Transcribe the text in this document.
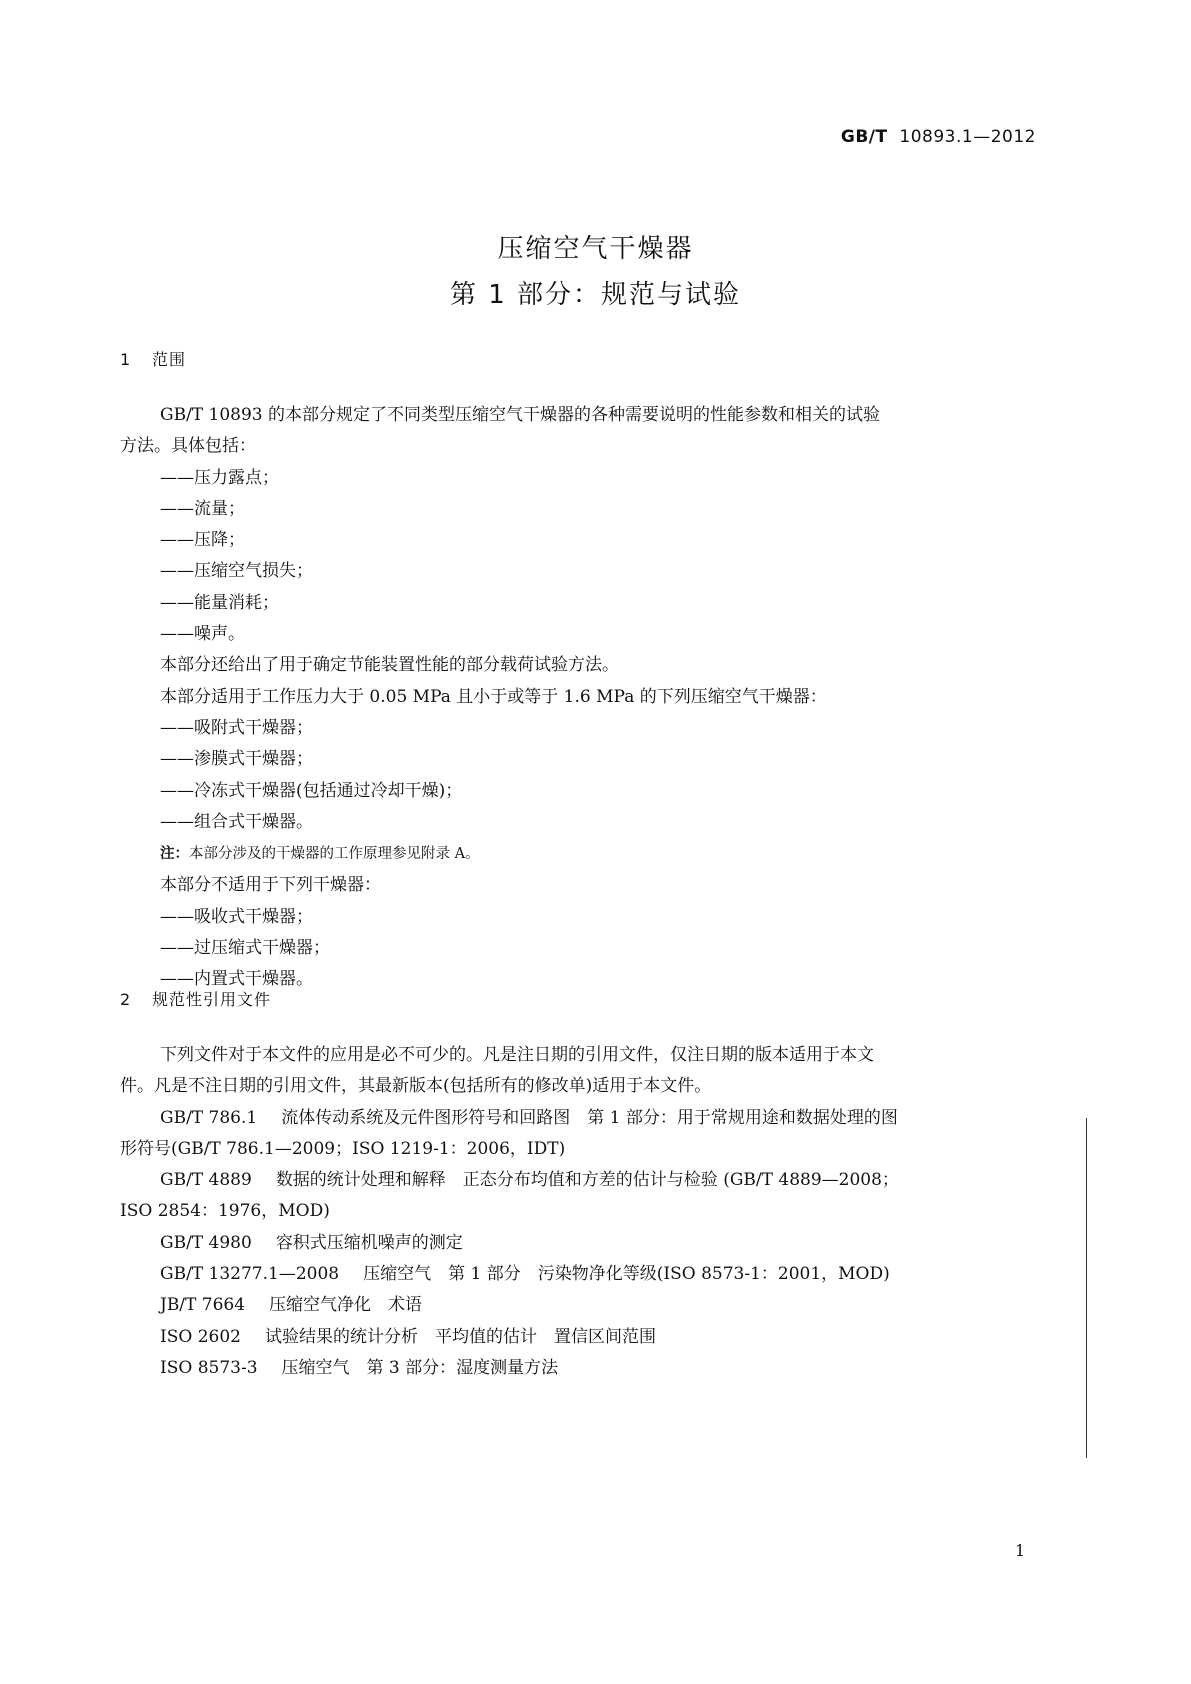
GB/T 10893.1—2012
压缩空气干燥器
第 1 部分：规范与试验
1 范围

GB/T 10893 的本部分规定了不同类型压缩空气干燥器的各种需要说明的性能参数和相关的试验

方法。具体包括：

——压力露点；

——流量；

——压降；

——压缩空气损失；

——能量消耗；

——噪声。

本部分还给出了用于确定节能装置性能的部分载荷试验方法。

本部分适用于工作压力大于 0.05 MPa 且小于或等于 1.6 MPa 的下列压缩空气干燥器：

——吸附式干燥器；

——渗膜式干燥器；

——冷冻式干燥器(包括通过冷却干燥)；

——组合式干燥器。

注：本部分涉及的干燥器的工作原理参见附录 A。

本部分不适用于下列干燥器：

——吸收式干燥器；

——过压缩式干燥器；

——内置式干燥器。

2 规范性引用文件

下列文件对于本文件的应用是必不可少的。凡是注日期的引用文件，仅注日期的版本适用于本文

件。凡是不注日期的引用文件，其最新版本(包括所有的修改单)适用于本文件。

GB/T 786.1 流体传动系统及元件图形符号和回路图　第 1 部分：用于常规用途和数据处理的图

形符号(GB/T 786.1—2009；ISO 1219-1：2006，IDT)

GB/T 4889 数据的统计处理和解释　正态分布均值和方差的估计与检验 (GB/T 4889—2008；

ISO 2854：1976，MOD)

GB/T 4980 容积式压缩机噪声的测定

GB/T 13277.1—2008 压缩空气　第 1 部分　污染物净化等级(ISO 8573-1：2001，MOD)

JB/T 7664 压缩空气净化　术语

ISO 2602 试验结果的统计分析　平均值的估计　置信区间范围

ISO 8573-3 压缩空气　第 3 部分：湿度测量方法

1
